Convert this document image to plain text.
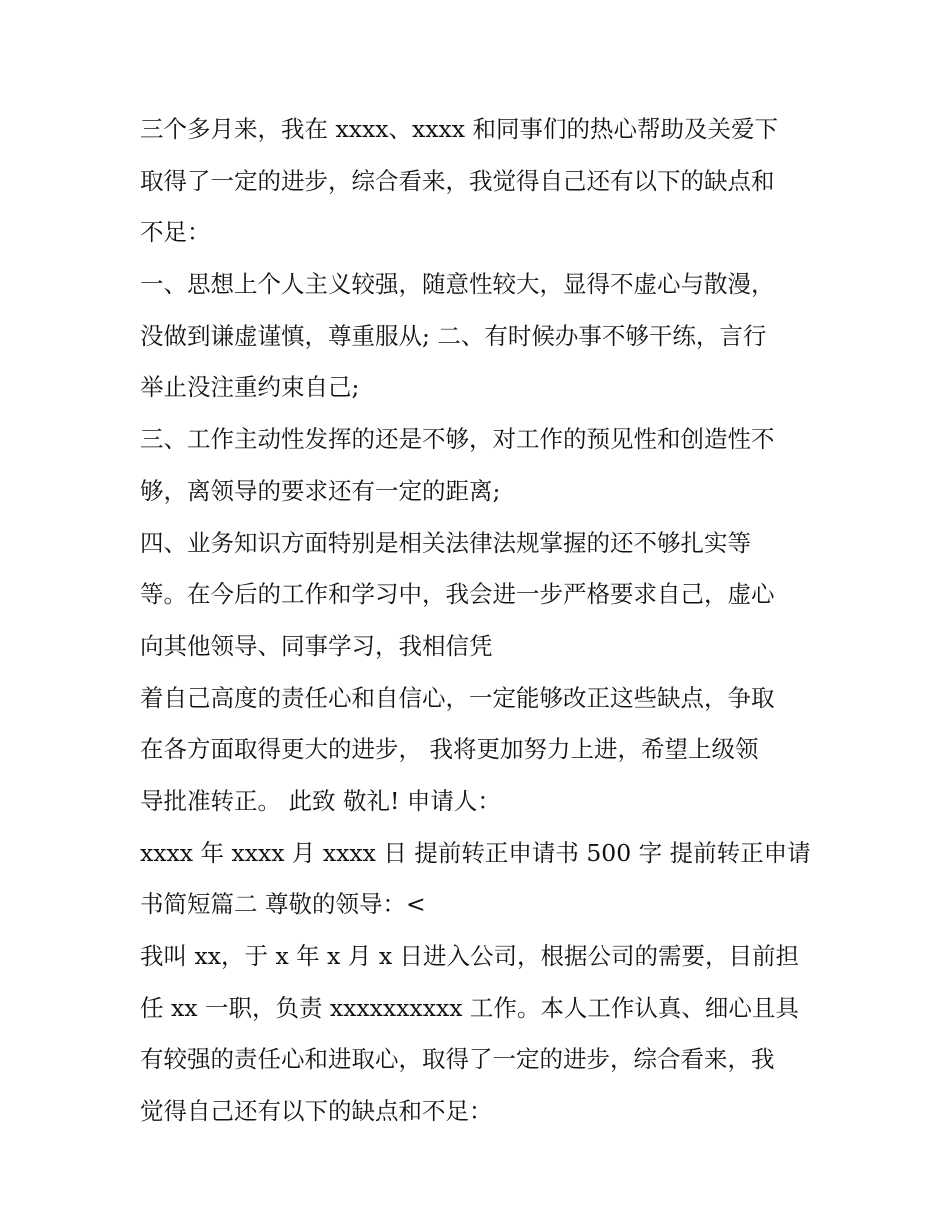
三个多月来，我在 xxxx、xxxx 和同事们的热心帮助及关爱下
取得了一定的进步，综合看来，我觉得自己还有以下的缺点和
不足：
一、思想上个人主义较强，随意性较大，显得不虚心与散漫，
没做到谦虚谨慎，尊重服从; 二、有时候办事不够干练，言行
举止没注重约束自己;
三、工作主动性发挥的还是不够，对工作的预见性和创造性不
够，离领导的要求还有一定的距离;
四、业务知识方面特别是相关法律法规掌握的还不够扎实等
等。在今后的工作和学习中，我会进一步严格要求自己，虚心
向其他领导、同事学习，我相信凭
着自己高度的责任心和自信心，一定能够改正这些缺点，争取
在各方面取得更大的进步， 我将更加努力上进，希望上级领
导批准转正。 此致 敬礼! 申请人：
xxxx 年 xxxx 月 xxxx 日 提前转正申请书 500 字 提前转正申请
书简短篇二 尊敬的领导：<
我叫 xx，于 x 年 x 月 x 日进入公司，根据公司的需要，目前担
任 xx 一职，负责 xxxxxxxxxx 工作。本人工作认真、细心且具
有较强的责任心和进取心，取得了一定的进步，综合看来，我
觉得自己还有以下的缺点和不足：
